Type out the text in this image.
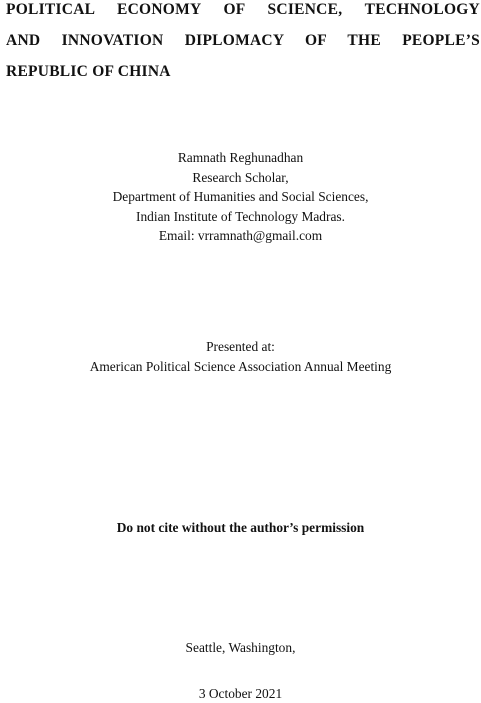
POLITICAL ECONOMY OF SCIENCE, TECHNOLOGY
AND INNOVATION DIPLOMACY OF THE PEOPLE’S
REPUBLIC OF CHINA
Ramnath Reghunadhan
Research Scholar,
Department of Humanities and Social Sciences,
Indian Institute of Technology Madras.
Email: vrramnath@gmail.com
Presented at:
American Political Science Association Annual Meeting
Do not cite without the author’s permission
Seattle, Washington,
3 October 2021
